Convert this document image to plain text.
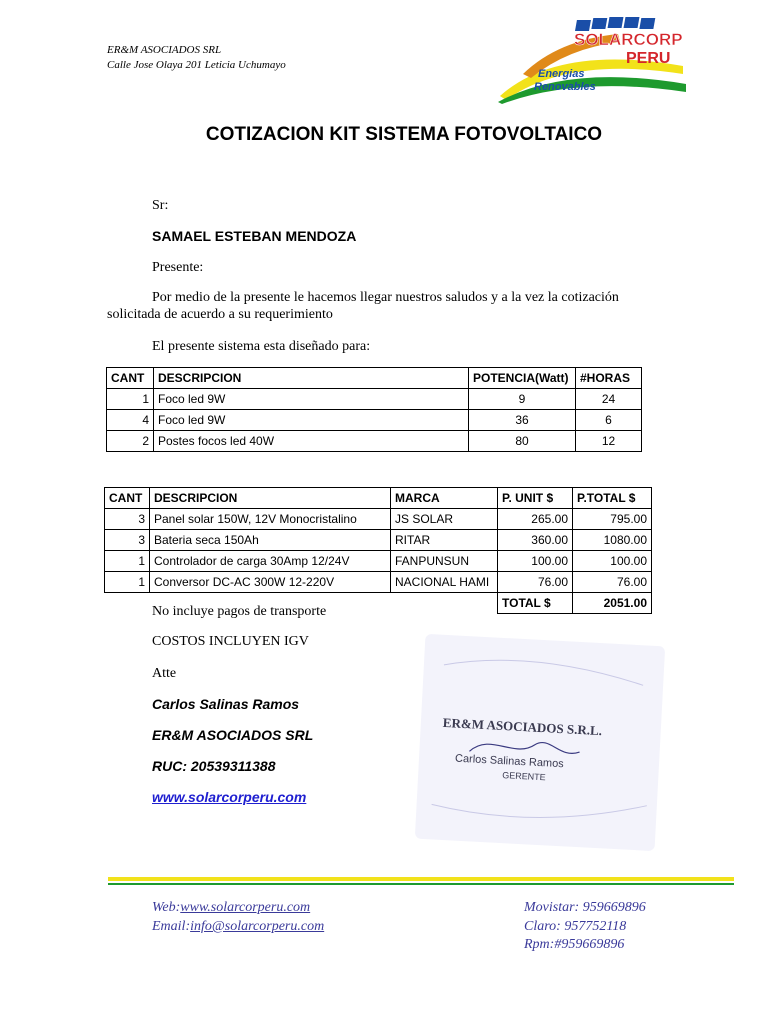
ER&M ASOCIADOS SRL
Calle Jose Olaya 201 Leticia Uchumayo
SOLARCORP
PERU
Energias
Renovables
COTIZACION KIT SISTEMA FOTOVOLTAICO
Sr:
SAMAEL ESTEBAN MENDOZA
Presente:
Por medio de la presente le hacemos llegar nuestros saludos y a la vez la cotización
solicitada de acuerdo a su requerimiento
El presente sistema esta diseñado para:
CANT	DESCRIPCION	POTENCIA(Watt)	#HORAS
1	Foco led 9W	9	24
4	Foco led 9W	36	6
2	Postes focos led 40W	80	12
CANT	DESCRIPCION	MARCA	P. UNIT $	P.TOTAL $
3	Panel solar 150W, 12V Monocristalino	JS SOLAR	265.00	795.00
3	Bateria seca 150Ah	RITAR	360.00	1080.00
1	Controlador de carga 30Amp 12/24V	FANPUNSUN	100.00	100.00
1	Conversor DC-AC 300W 12-220V	NACIONAL HAMI	76.00	76.00
			TOTAL $	2051.00
No incluye pagos de transporte
COSTOS INCLUYEN IGV
Atte
Carlos Salinas Ramos
ER&M ASOCIADOS SRL
RUC: 20539311388
www.solarcorperu.com
ER&M ASOCIADOS S.R.L.
Carlos Salinas Ramos
GERENTE
Web:www.solarcorperu.com
Email:info@solarcorperu.com
Movistar: 959669896
Claro: 957752118
Rpm:#959669896
